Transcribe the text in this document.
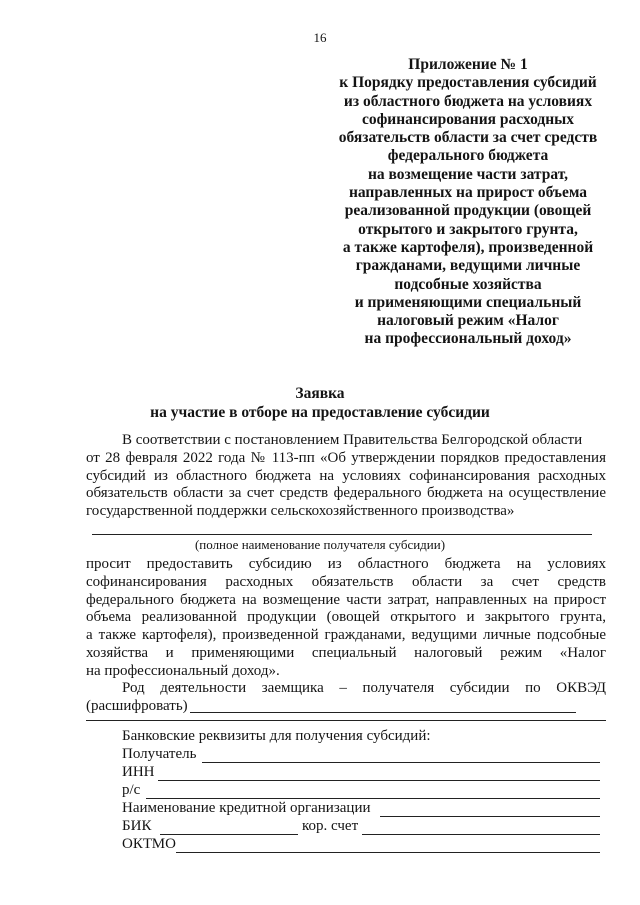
16
Приложение № 1
к Порядку предоставления субсидий
из областного бюджета на условиях
софинансирования расходных
обязательств области за счет средств
федерального бюджета
на возмещение части затрат,
направленных на прирост объема
реализованной продукции (овощей
открытого и закрытого грунта,
а также картофеля), произведенной
гражданами, ведущими личные
подсобные хозяйства
и применяющими специальный
налоговый режим «Налог
на профессиональный доход»
Заявка
на участие в отборе на предоставление субсидии
В соответствии с постановлением Правительства Белгородской области
от 28 февраля 2022 года № 113-пп «Об утверждении порядков предоставления
субсидий из областного бюджета на условиях софинансирования расходных
обязательств области за счет средств федерального бюджета на осуществление
государственной поддержки сельскохозяйственного производства»
(полное наименование получателя субсидии)
просит предоставить субсидию из областного бюджета на условиях
софинансирования расходных обязательств области за счет средств
федерального бюджета на возмещение части затрат, направленных на прирост
объема реализованной продукции (овощей открытого и закрытого грунта,
а также картофеля), произведенной гражданами, ведущими личные подсобные
хозяйства и применяющими специальный налоговый режим «Налог
на профессиональный доход».
Род деятельности заемщика – получателя субсидии по ОКВЭД
(расшифровать)
Банковские реквизиты для получения субсидий:
Получатель
ИНН
р/с
Наименование кредитной организации
БИК	кор. счет
ОКТМО
